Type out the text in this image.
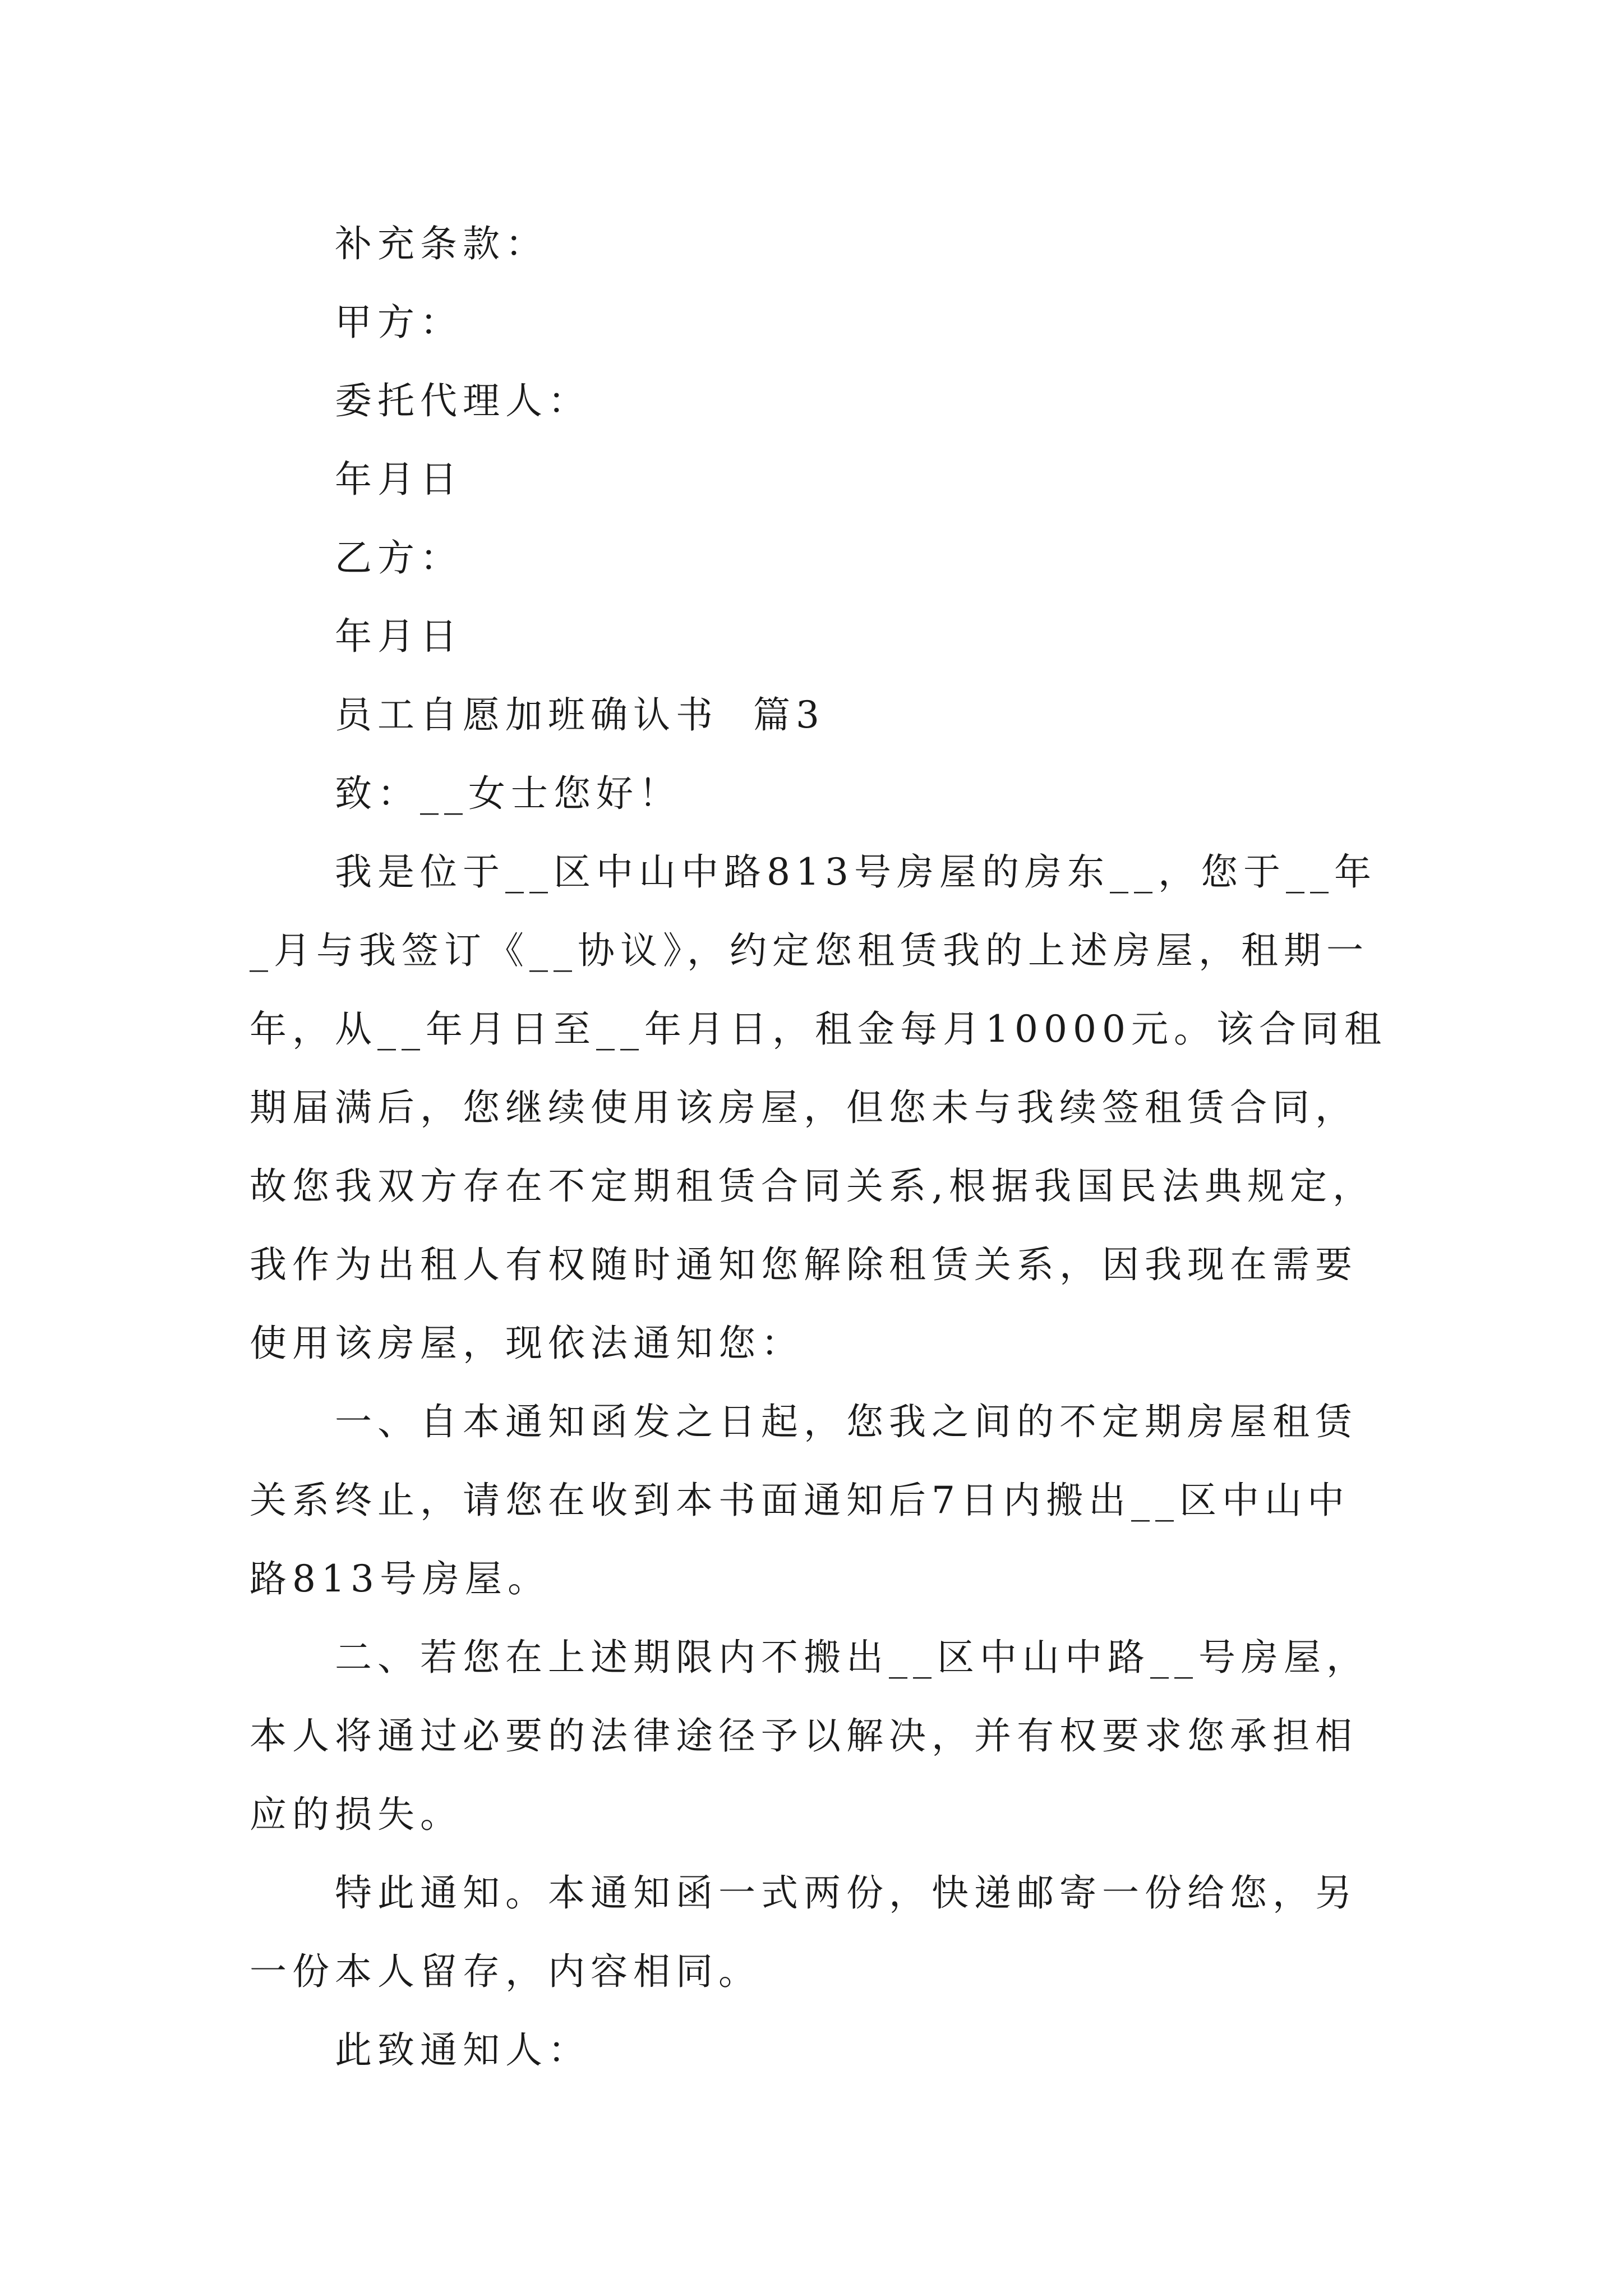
补充条款：
甲方：
委托代理人：
年月日
乙方：
年月日
员工自愿加班确认书  篇3
致：__女士您好！
我是位于__区中山中路813号房屋的房东__，您于__年
_月与我签订《__协议》，约定您租赁我的上述房屋，租期一
年，从__年月日至__年月日，租金每月10000元。该合同租
期届满后，您继续使用该房屋，但您未与我续签租赁合同，
故您我双方存在不定期租赁合同关系,根据我国民法典规定，
我作为出租人有权随时通知您解除租赁关系，因我现在需要
使用该房屋，现依法通知您：
一、自本通知函发之日起，您我之间的不定期房屋租赁
关系终止，请您在收到本书面通知后7日内搬出__区中山中
路813号房屋。
二、若您在上述期限内不搬出__区中山中路__号房屋，
本人将通过必要的法律途径予以解决，并有权要求您承担相
应的损失。
特此通知。本通知函一式两份，快递邮寄一份给您，另
一份本人留存，内容相同。
此致通知人：
